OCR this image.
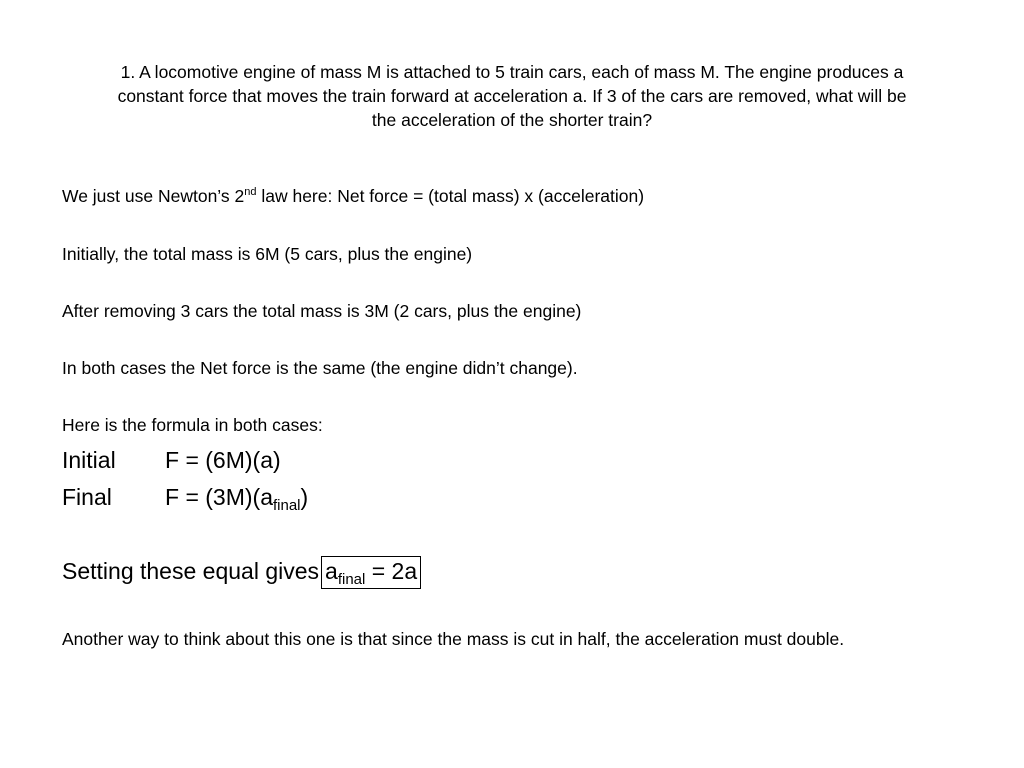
1. A locomotive engine of mass M is attached to 5 train cars, each of mass M. The engine produces a
constant force that moves the train forward at acceleration a. If 3 of the cars are removed, what will be
the acceleration of the shorter train?
We just use Newton’s 2nd law here: Net force = (total mass) x (acceleration)
Initially, the total mass is 6M (5 cars, plus the engine)
After removing 3 cars the total mass is 3M (2 cars, plus the engine)
In both cases the Net force is the same (the engine didn’t change).
Here is the formula in both cases:
Initial F = (6M)(a)
Final $F = (3M)(a_{final})$
Setting these equal gives $a_{final} = 2a$
Another way to think about this one is that since the mass is cut in half, the acceleration must double.
